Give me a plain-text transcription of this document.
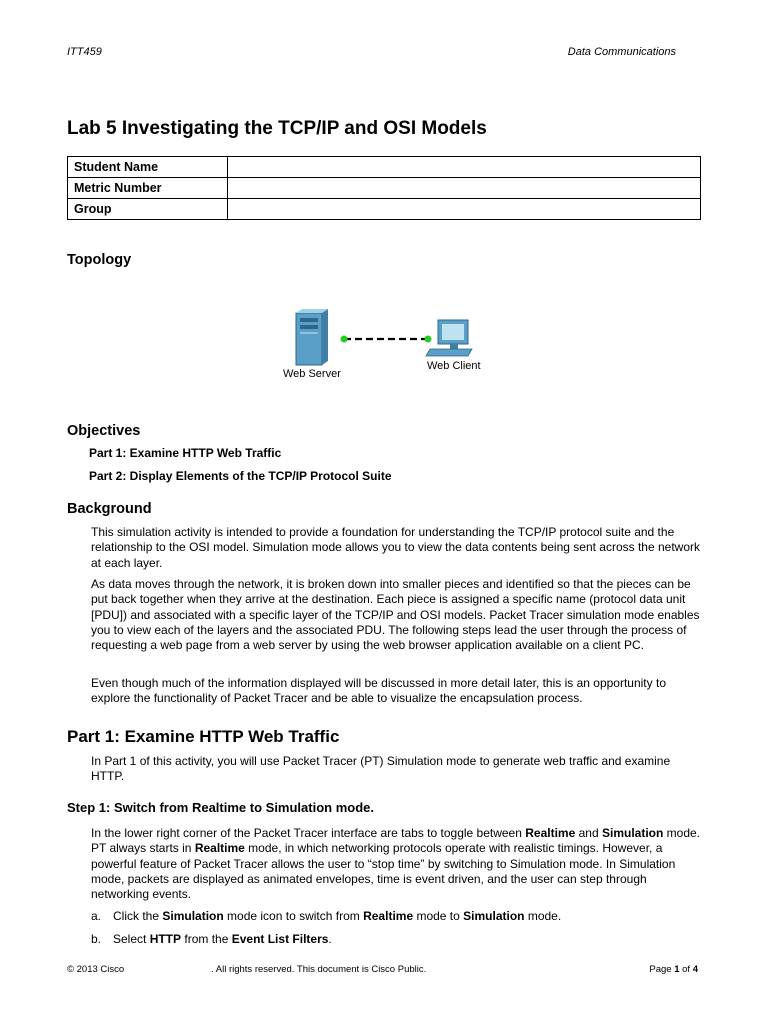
ITT459	Data Communications
Lab 5 Investigating the TCP/IP and OSI Models
Student Name	
Metric Number	
Group	
Topology
Web Server
Web Client
Objectives
Part 1: Examine HTTP Web Traffic
Part 2: Display Elements of the TCP/IP Protocol Suite
Background

This simulation activity is intended to provide a foundation for understanding the TCP/IP protocol suite and the relationship to the OSI model. Simulation mode allows you to view the data contents being sent across the network at each layer.

As data moves through the network, it is broken down into smaller pieces and identified so that the pieces can be put back together when they arrive at the destination. Each piece is assigned a specific name (protocol data unit [PDU]) and associated with a specific layer of the TCP/IP and OSI models. Packet Tracer simulation mode enables you to view each of the layers and the associated PDU. The following steps lead the user through the process of requesting a web page from a web server by using the web browser application available on a client PC.

Even though much of the information displayed will be discussed in more detail later, this is an opportunity to explore the functionality of Packet Tracer and be able to visualize the encapsulation process.

Part 1: Examine HTTP Web Traffic

In Part 1 of this activity, you will use Packet Tracer (PT) Simulation mode to generate web traffic and examine HTTP.

Step 1: Switch from Realtime to Simulation mode.

In the lower right corner of the Packet Tracer interface are tabs to toggle between Realtime and Simulation mode. PT always starts in Realtime mode, in which networking protocols operate with realistic timings. However, a powerful feature of Packet Tracer allows the user to “stop time” by switching to Simulation mode. In Simulation mode, packets are displayed as animated envelopes, time is event driven, and the user can step through networking events.

a. Click the Simulation mode icon to switch from Realtime mode to Simulation mode.
b. Select HTTP from the Event List Filters.
© 2013 Cisco	. All rights reserved. This document is Cisco Public.	Page 1 of 4
